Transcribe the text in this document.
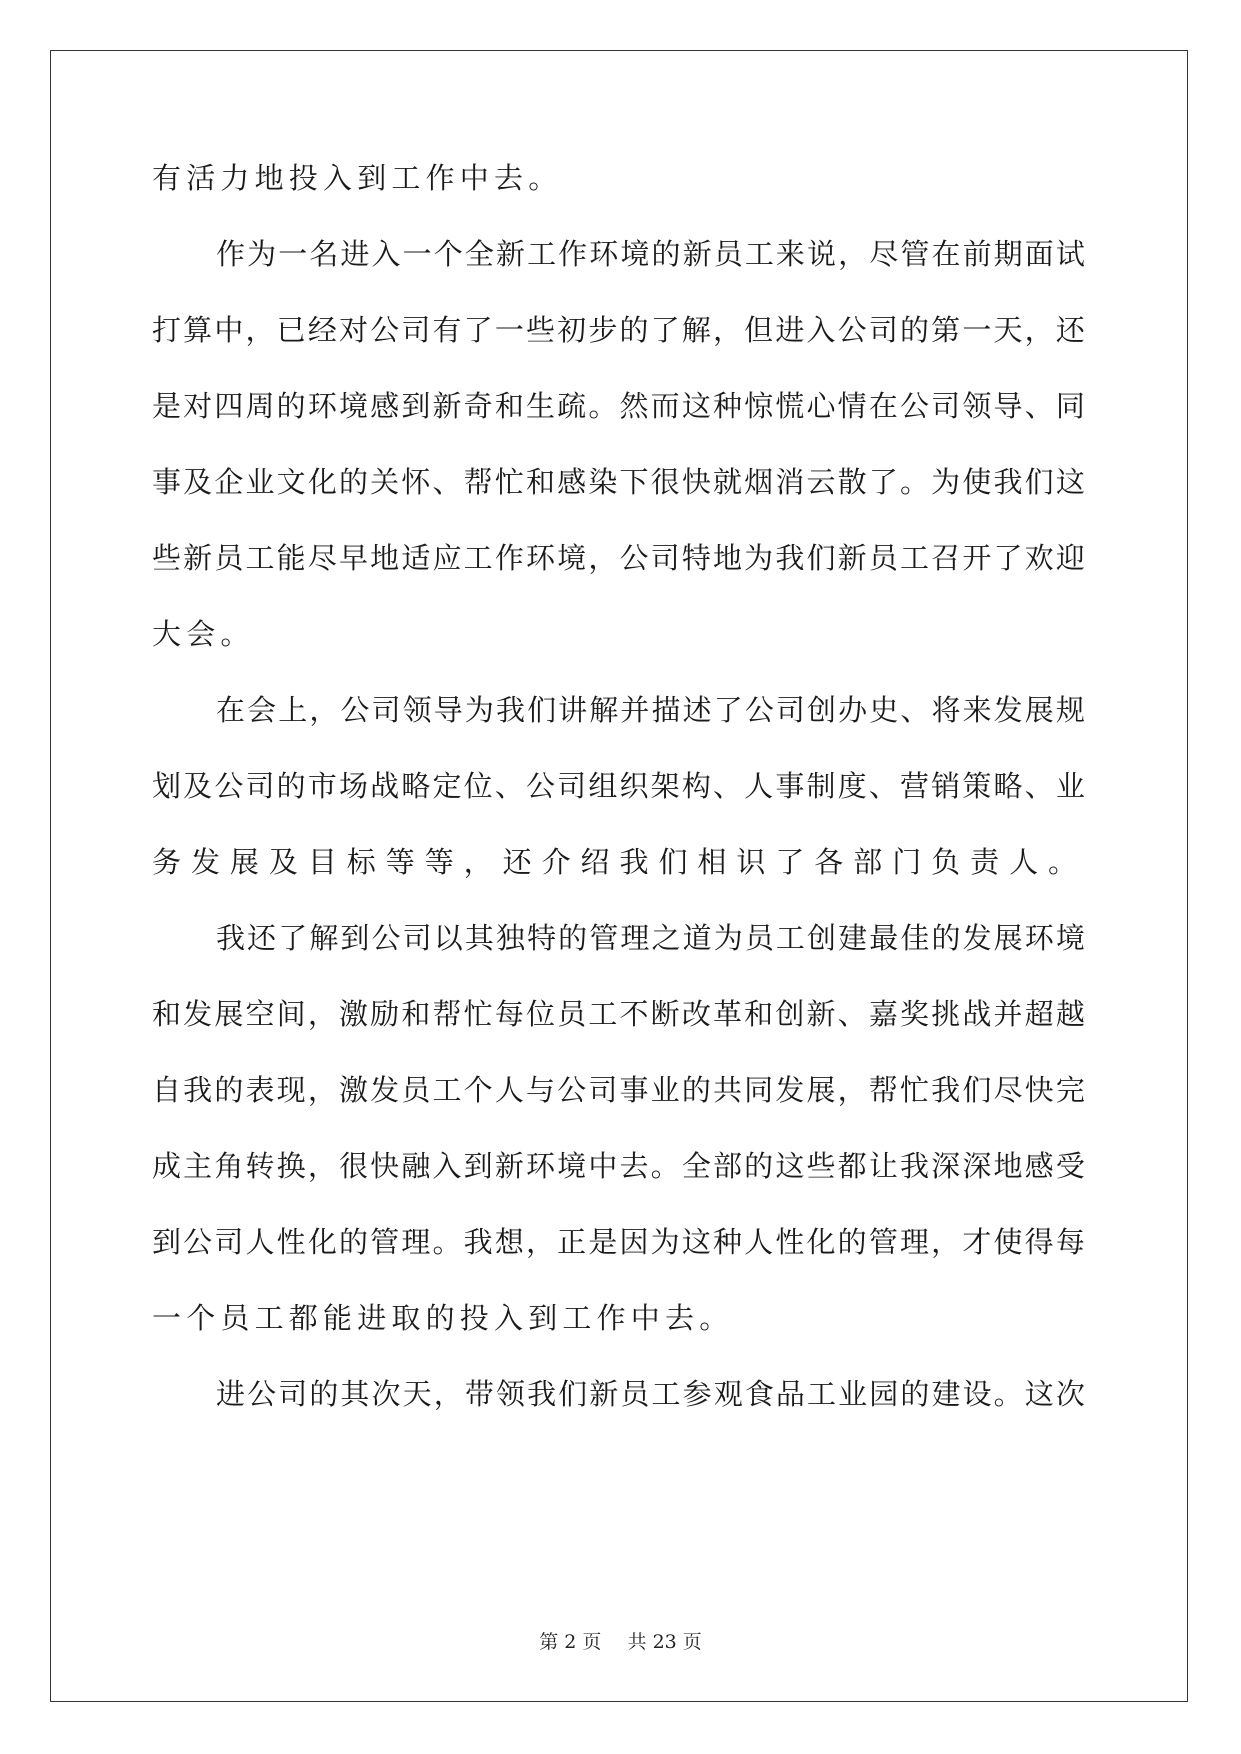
有活力地投入到工作中去。
作为一名进入一个全新工作环境的新员工来说，尽管在前期面试
打算中，已经对公司有了一些初步的了解，但进入公司的第一天，还
是对四周的环境感到新奇和生疏。然而这种惊慌心情在公司领导、同
事及企业文化的关怀、帮忙和感染下很快就烟消云散了。为使我们这
些新员工能尽早地适应工作环境，公司特地为我们新员工召开了欢迎
大会。
在会上，公司领导为我们讲解并描述了公司创办史、将来发展规
划及公司的市场战略定位、公司组织架构、人事制度、营销策略、业
务发展及目标等等，还介绍我们相识了各部门负责人。
我还了解到公司以其独特的管理之道为员工创建最佳的发展环境
和发展空间，激励和帮忙每位员工不断改革和创新、嘉奖挑战并超越
自我的表现，激发员工个人与公司事业的共同发展，帮忙我们尽快完
成主角转换，很快融入到新环境中去。全部的这些都让我深深地感受
到公司人性化的管理。我想，正是因为这种人性化的管理，才使得每
一个员工都能进取的投入到工作中去。
进公司的其次天，带领我们新员工参观食品工业园的建设。这次
第 2 页 共 23 页
